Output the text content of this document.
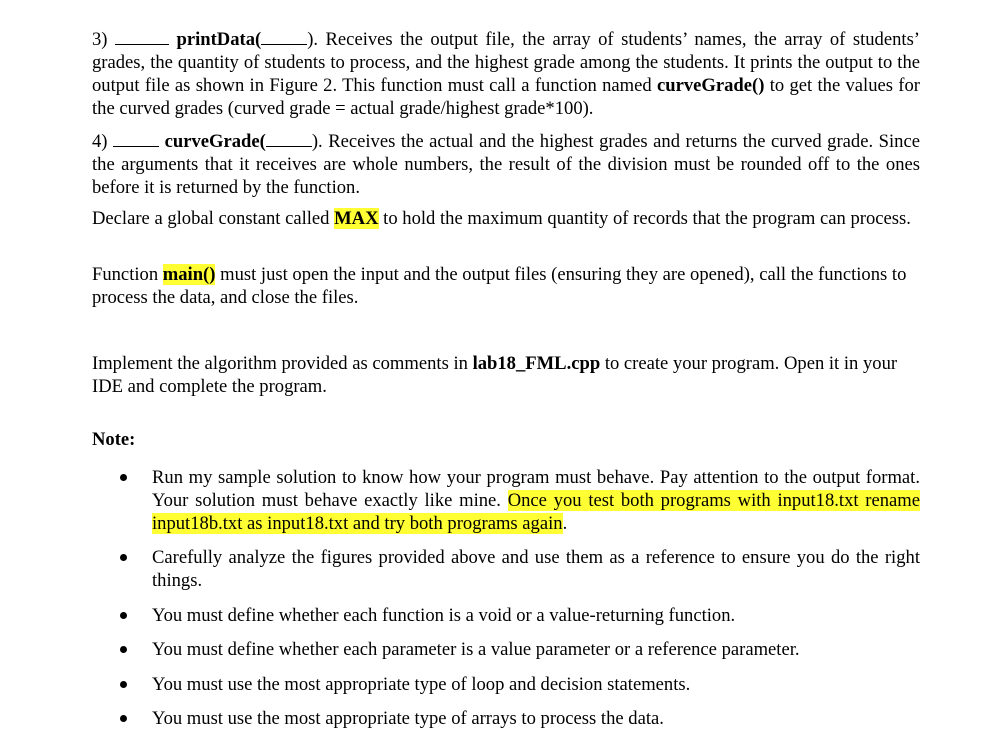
3)	printData( ). Receives the output file, the array of students’ names, the array of students’ grades, the quantity of students to process, and the highest grade among the students. It prints the output to the output file as shown in Figure 2. This function must call a function named curveGrade() to get the values for the curved grades (curved grade = actual grade/highest grade*100).

4)	curveGrade( ). Receives the actual and the highest grades and returns the curved grade. Since the arguments that it receives are whole numbers, the result of the division must be rounded off to the ones before it is returned by the function.

Declare a global constant called MAX to hold the maximum quantity of records that the program can process.

Function main() must just open the input and the output files (ensuring they are opened), call the functions to process the data, and close the files.

Implement the algorithm provided as comments in lab18_FML.cpp to create your program. Open it in your IDE and complete the program.

Note:

Run my sample solution to know how your program must behave. Pay attention to the output format. Your solution must behave exactly like mine. Once you test both programs with input18.txt rename input18b.txt as input18.txt and try both programs again.
Carefully analyze the figures provided above and use them as a reference to ensure you do the right things.
You must define whether each function is a void or a value-returning function.
You must define whether each parameter is a value parameter or a reference parameter.
You must use the most appropriate type of loop and decision statements.
You must use the most appropriate type of arrays to process the data.
